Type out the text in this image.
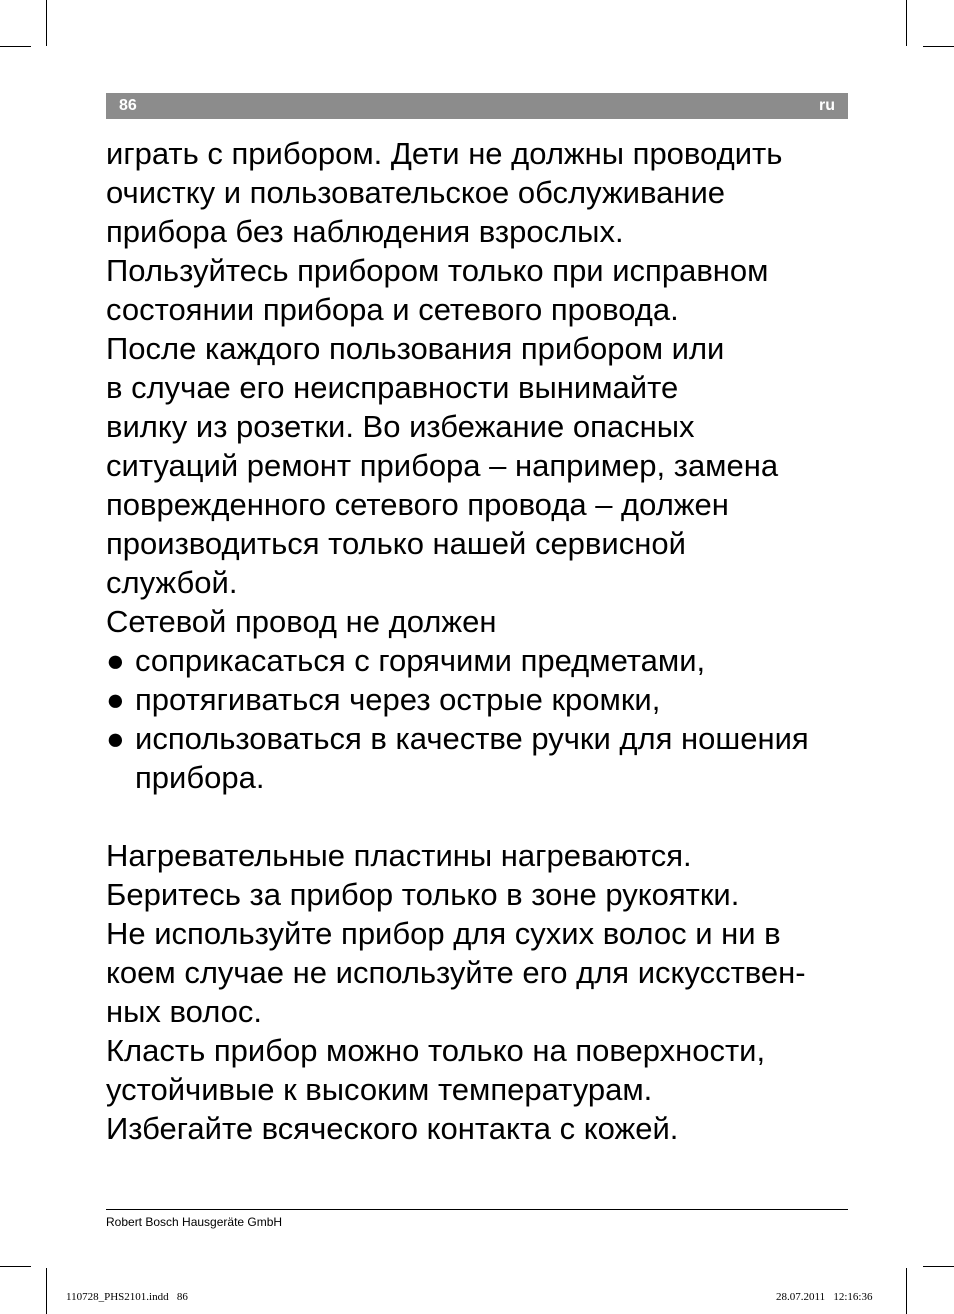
86	ru
играть с прибором. Дети не должны проводить
очистку и пользовательское обслуживание
прибора без наблюдения взрослых.
Пользуйтесь прибором только при исправном
состоянии прибора и сетевого провода.
После каждого пользования прибором или
в случае его неисправности вынимайте
вилку из розетки. Во избежание опасных
ситуаций ремонт прибора – например, замена
поврежденного сетевого провода – должен
производиться только нашей сервисной
службой.
Сетевой провод не должен
● соприкасаться с горячими предметами,
● протягиваться через острые кромки,
● использоваться в качестве ручки для ношения
прибора.
Нагревательные пластины нагреваются.
Беритесь за прибор только в зоне рукоятки.
Не используйте прибор для сухих волос и ни в
коем случае не используйте его для искусствен-
ных волос.
Класть прибор можно только на поверхности,
устойчивые к высоким температурам.
Избегайте всяческого контакта с кожей.
Robert Bosch Hausgeräte GmbH
110728_PHS2101.indd   86	28.07.2011   12:16:36
